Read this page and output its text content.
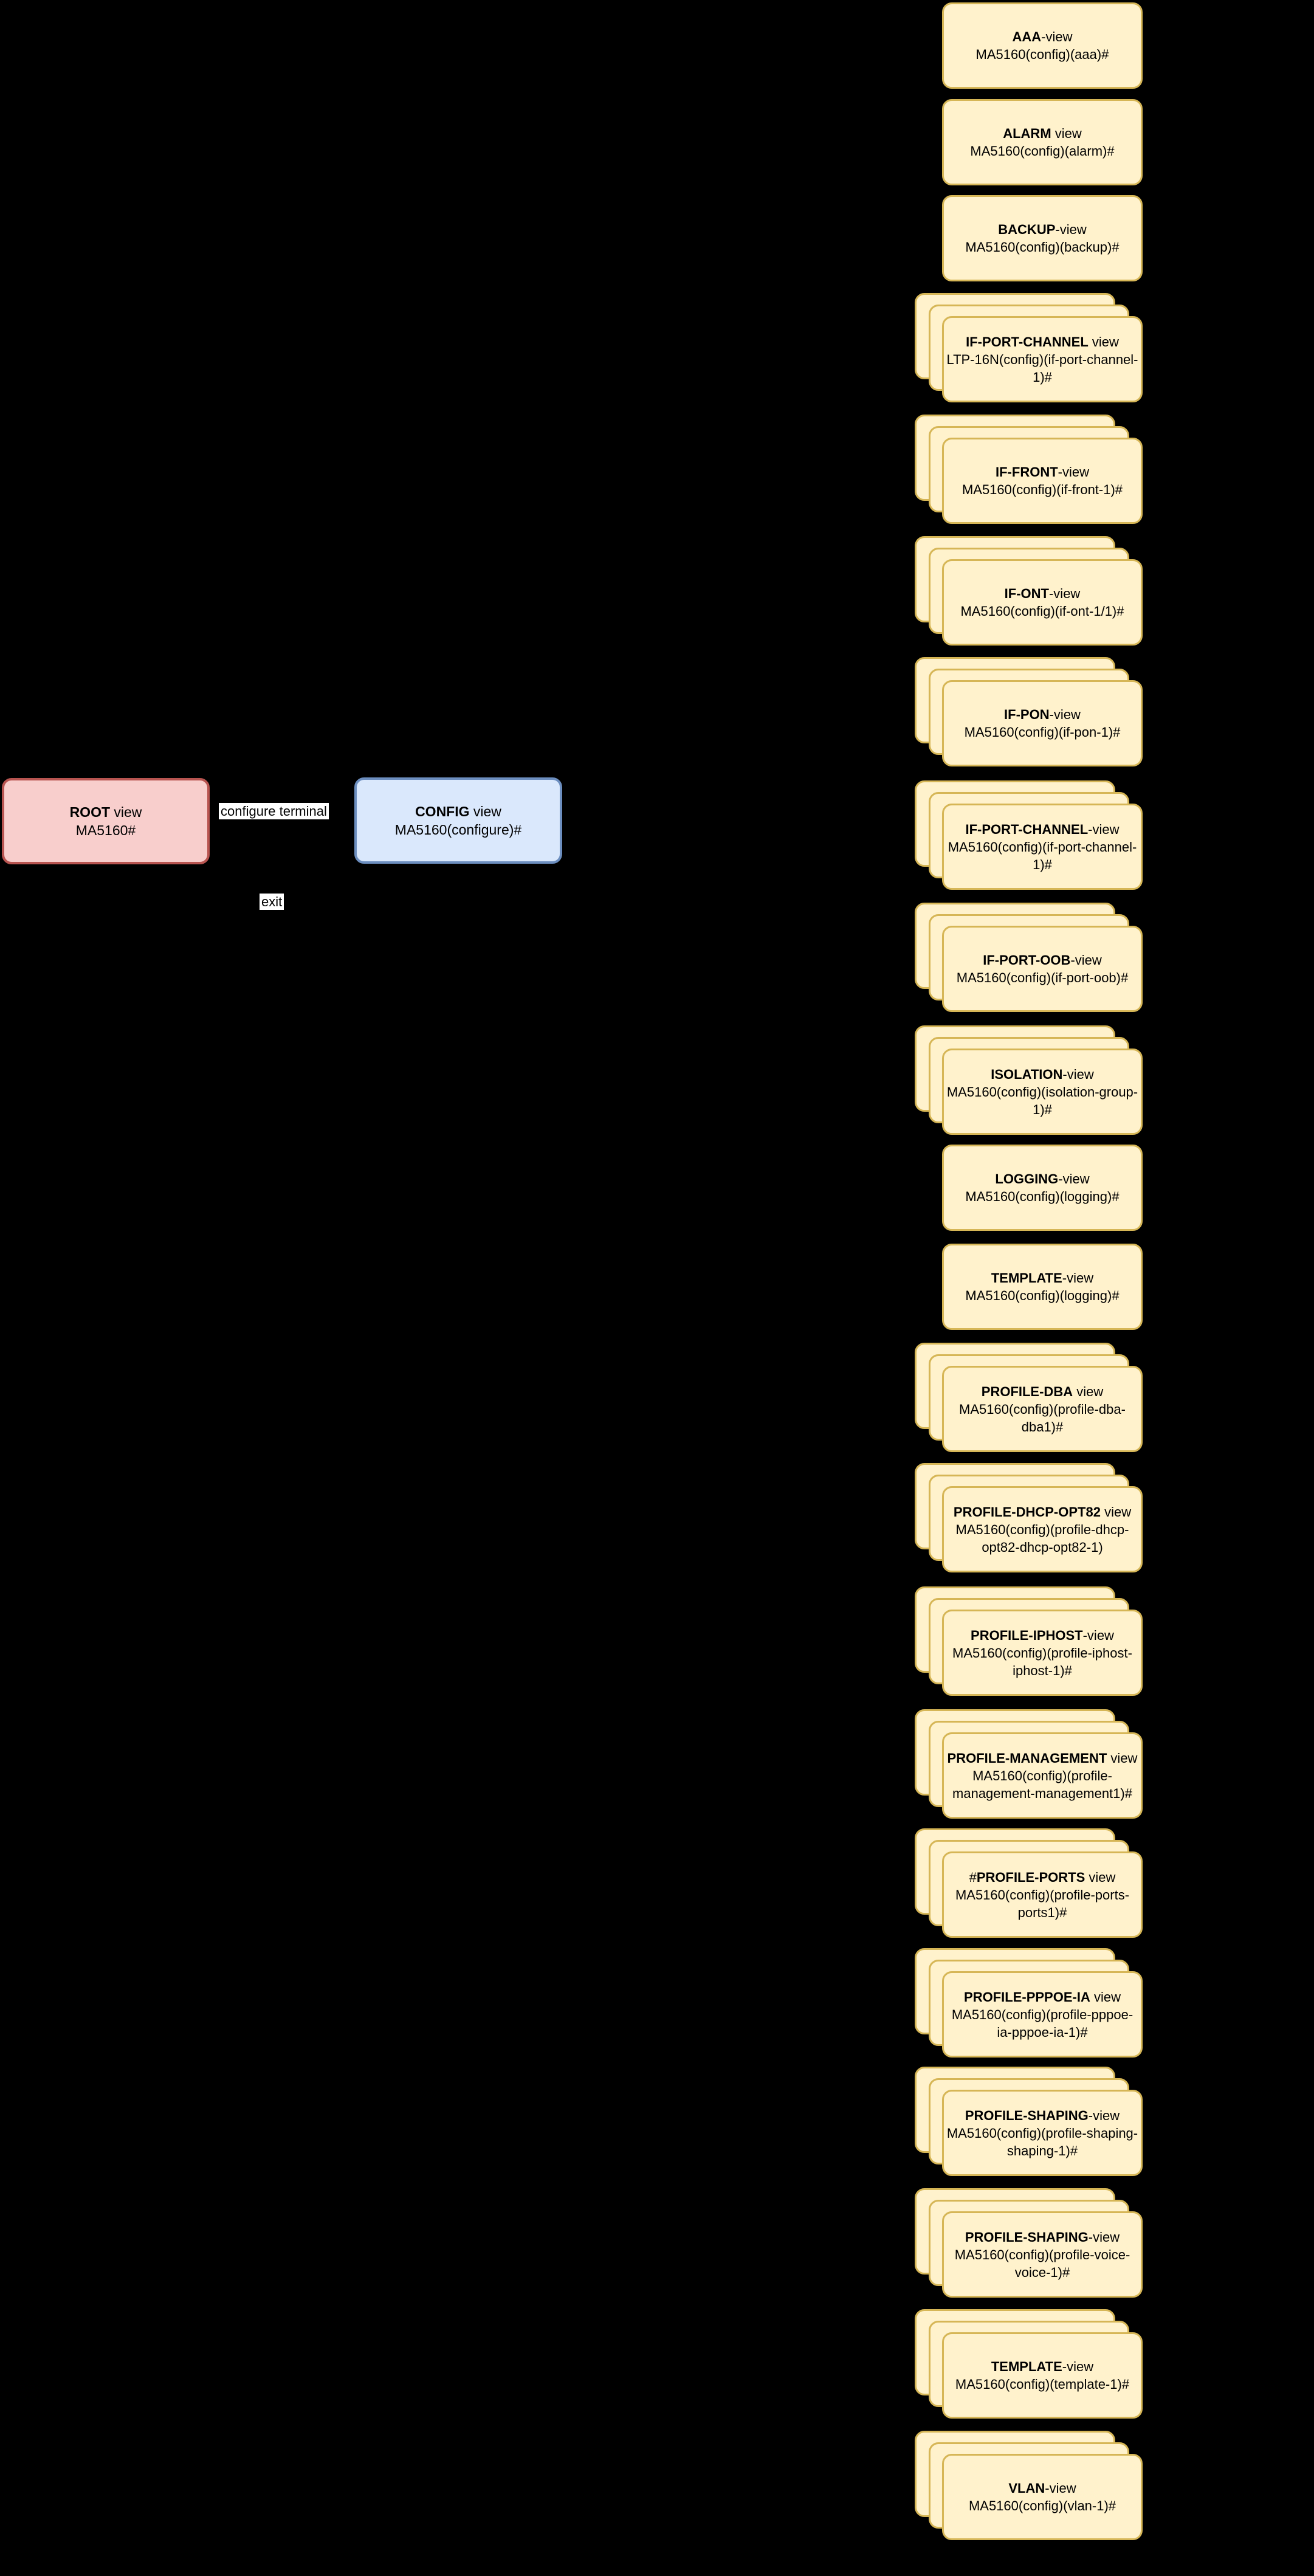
ROOT view
MA5160#
CONFIG view
MA5160(configure)#
configure terminal
exit
AAA-view
MA5160(config)(aaa)#
ALARM view
MA5160(config)(alarm)#
BACKUP-view
MA5160(config)(backup)#
IF-PORT-CHANNEL view
LTP-16N(config)(if-port-channel-1)#
IF-FRONT-view
MA5160(config)(if-front-1)#
IF-ONT-view
MA5160(config)(if-ont-1/1)#
IF-PON-view
MA5160(config)(if-pon-1)#
IF-PORT-CHANNEL-view
MA5160(config)(if-port-channel-1)#
IF-PORT-OOB-view
MA5160(config)(if-port-oob)#
ISOLATION-view
MA5160(config)(isolation-group-1)#
LOGGING-view
MA5160(config)(logging)#
TEMPLATE-view
MA5160(config)(logging)#
PROFILE-DBA view
MA5160(config)(profile-dba-dba1)#
PROFILE-DHCP-OPT82 view
MA5160(config)(profile-dhcp-opt82-dhcp-opt82-1)
PROFILE-IPHOST-view
MA5160(config)(profile-iphost-iphost-1)#
PROFILE-MANAGEMENT view
MA5160(config)(profile-management-management1)#
#PROFILE-PORTS view
MA5160(config)(profile-ports-ports1)#
PROFILE-PPPOE-IA view
MA5160(config)(profile-pppoe-ia-pppoe-ia-1)#
PROFILE-SHAPING-view
MA5160(config)(profile-shaping-shaping-1)#
PROFILE-SHAPING-view
MA5160(config)(profile-voice-voice-1)#
TEMPLATE-view
MA5160(config)(template-1)#
VLAN-view
MA5160(config)(vlan-1)#
